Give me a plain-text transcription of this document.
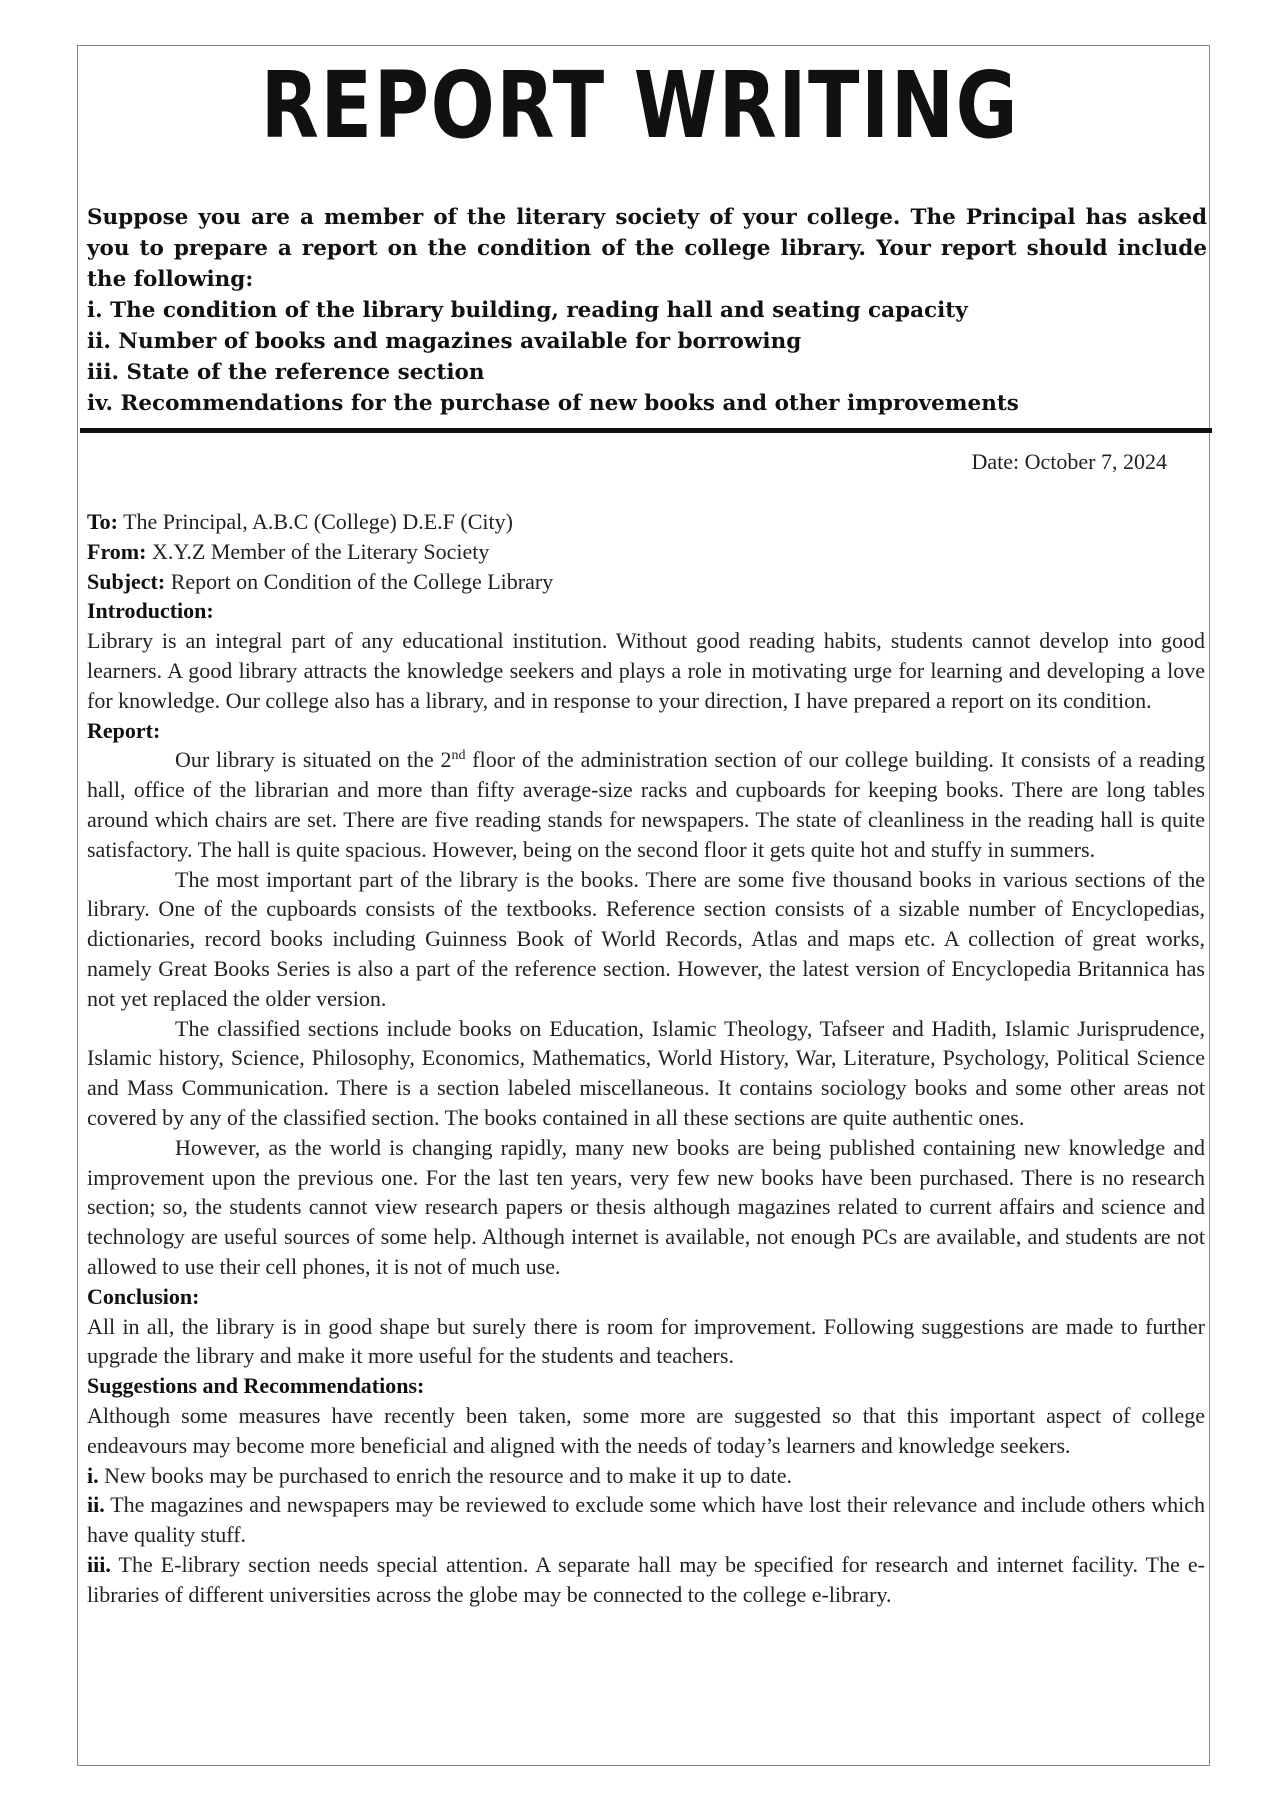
REPORT WRITING

Suppose you are a member of the literary society of your college. The Principal has asked you to prepare a report on the condition of the college library. Your report should include the following:

i. The condition of the library building, reading hall and seating capacity

ii. Number of books and magazines available for borrowing

iii. State of the reference section

iv. Recommendations for the purchase of new books and other improvements

Date: October 7, 2024

To: The Principal, A.B.C (College) D.E.F (City)

From: X.Y.Z Member of the Literary Society

Subject: Report on Condition of the College Library

Introduction:

Library is an integral part of any educational institution. Without good reading habits, students cannot develop into good learners. A good library attracts the knowledge seekers and plays a role in motivating urge for learning and developing a love for knowledge. Our college also has a library, and in response to your direction, I have prepared a report on its condition.

Report:

Our library is situated on the 2nd floor of the administration section of our college building. It consists of a reading hall, office of the librarian and more than fifty average-size racks and cupboards for keeping books. There are long tables around which chairs are set. There are five reading stands for newspapers. The state of cleanliness in the reading hall is quite satisfactory. The hall is quite spacious. However, being on the second floor it gets quite hot and stuffy in summers.

The most important part of the library is the books. There are some five thousand books in various sections of the library. One of the cupboards consists of the textbooks. Reference section consists of a sizable number of Encyclopedias, dictionaries, record books including Guinness Book of World Records, Atlas and maps etc. A collection of great works, namely Great Books Series is also a part of the reference section. However, the latest version of Encyclopedia Britannica has not yet replaced the older version.

The classified sections include books on Education, Islamic Theology, Tafseer and Hadith, Islamic Jurisprudence, Islamic history, Science, Philosophy, Economics, Mathematics, World History, War, Literature, Psychology, Political Science and Mass Communication. There is a section labeled miscellaneous. It contains sociology books and some other areas not covered by any of the classified section. The books contained in all these sections are quite authentic ones.

However, as the world is changing rapidly, many new books are being published containing new knowledge and improvement upon the previous one. For the last ten years, very few new books have been purchased. There is no research section; so, the students cannot view research papers or thesis although magazines related to current affairs and science and technology are useful sources of some help. Although internet is available, not enough PCs are available, and students are not allowed to use their cell phones, it is not of much use.

Conclusion:

All in all, the library is in good shape but surely there is room for improvement. Following suggestions are made to further upgrade the library and make it more useful for the students and teachers.

Suggestions and Recommendations:

Although some measures have recently been taken, some more are suggested so that this important aspect of college endeavours may become more beneficial and aligned with the needs of today’s learners and knowledge seekers.

i. New books may be purchased to enrich the resource and to make it up to date.

ii. The magazines and newspapers may be reviewed to exclude some which have lost their relevance and include others which have quality stuff.

iii. The E-library section needs special attention. A separate hall may be specified for research and internet facility. The e-libraries of different universities across the globe may be connected to the college e-library.
